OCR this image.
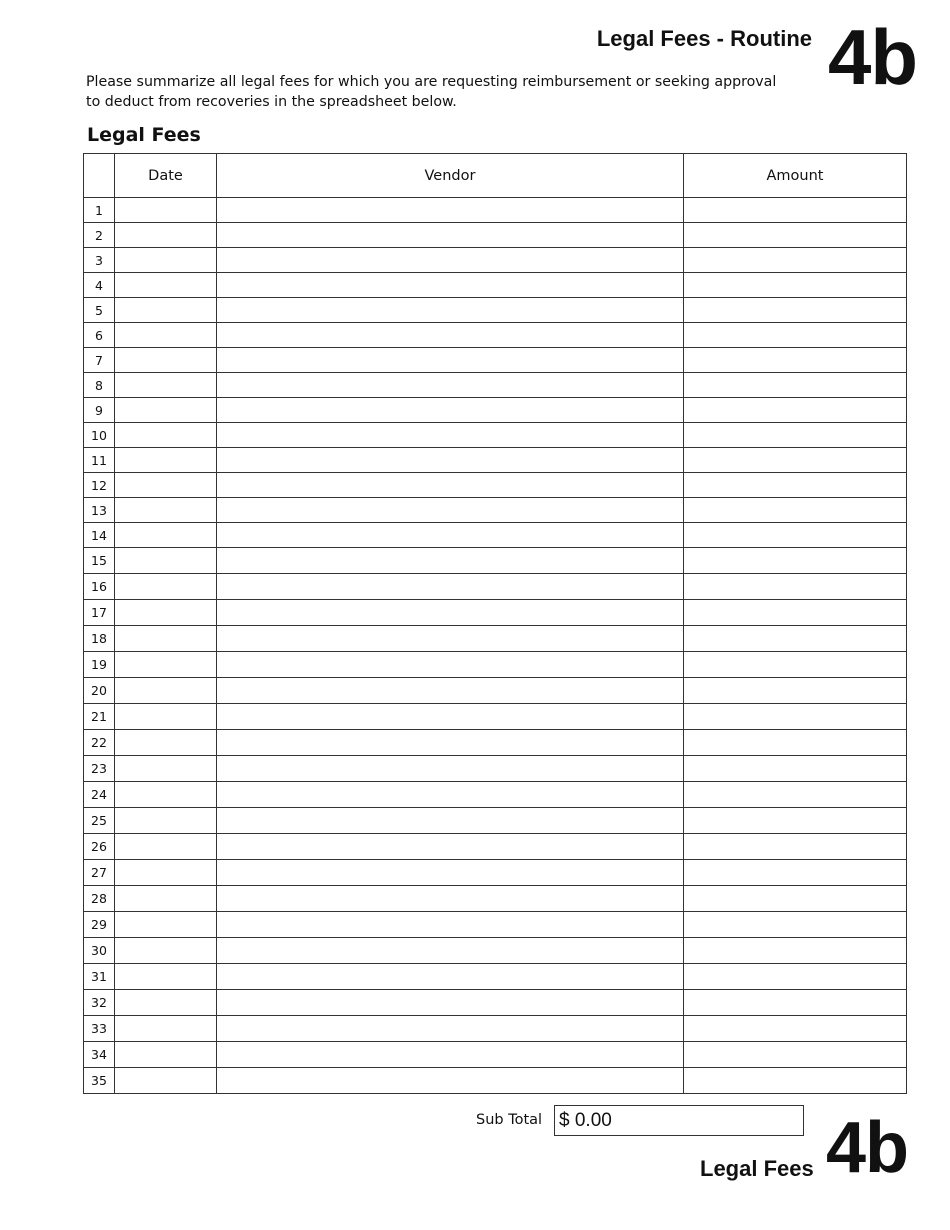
Legal Fees - Routine 4b
Please summarize all legal fees for which you are requesting reimbursement or seeking approval
to deduct from recoveries in the spreadsheet below.
Legal Fees
	Date	Vendor	Amount
1			
2			
3			
4			
5			
6			
7			
8			
9			
10			
11			
12			
13			
14			
15			
16			
17			
18			
19			
20			
21			
22			
23			
24			
25			
26			
27			
28			
29			
30			
31			
32			
33			
34			
35			
Sub Total $ 0.00
Legal Fees 4b
